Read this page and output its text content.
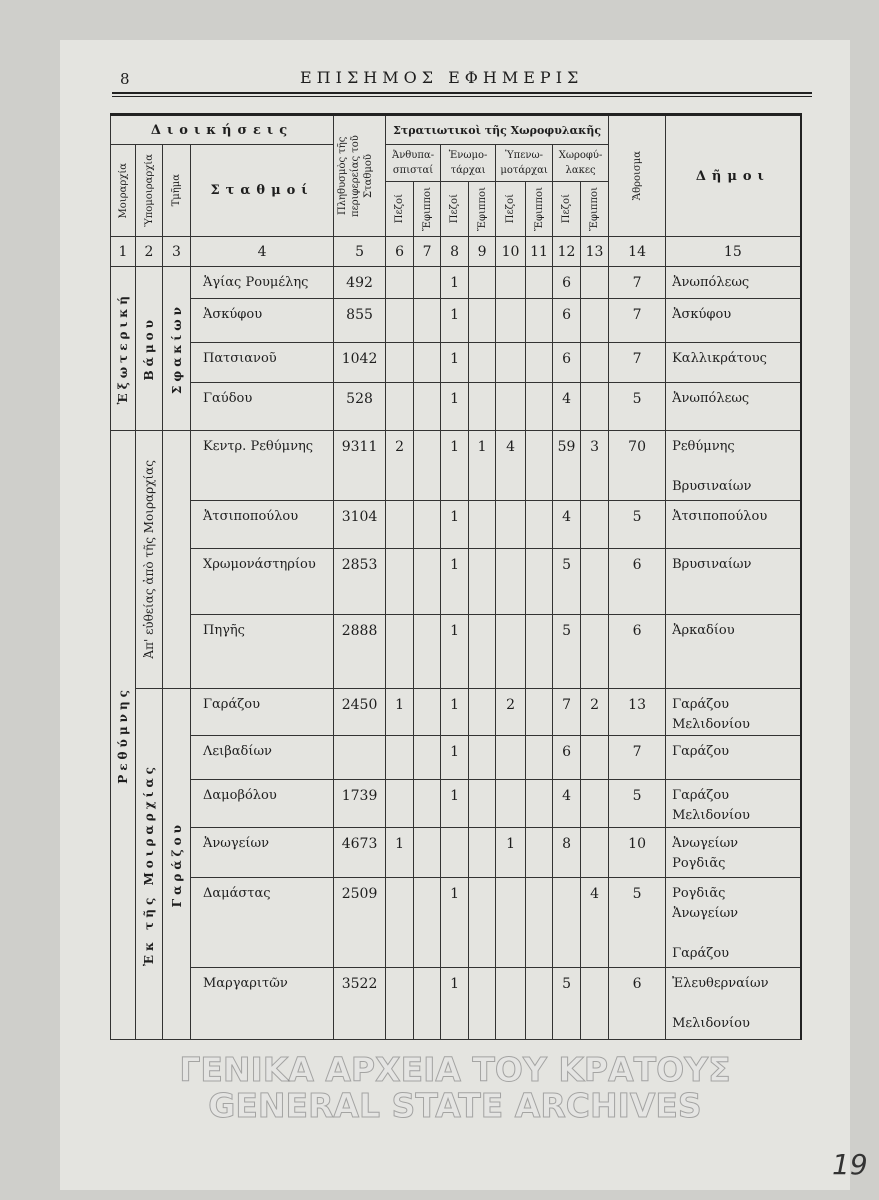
8	ΕΠΙΣΗΜΟΣ ΕΦΗΜΕΡΙΣ
Διοικήσεις				Πληθυσμὸς τῆς περιφερείας τοῦ Σταθμοῦ	Στρατιωτικοὶ τῆς Χωροφυλακῆς								Ἄθροισμα	Δῆμοι

Μοιραρχία	Ὑπομοιραρχία	Τμῆμα	Σταθμοί		Ἀνθυπα-σπισταί		Ἐνωμο-τάρχαι		Ὑπενω-μοτάρχαι		Χωροφύ-λακες			

					Πεζοί	Ἔφιπποι	Πεζοί	Ἔφιπποι	Πεζοί	Ἔφιπποι	Πεζοί	Ἔφιπποι		

1	2	3	4	5	6	7	8	9	10	11	12	13	14	15

Ἐξωτερική	Βάμου	Σφακίων	Ἁγίας Ρουμέλης	492			1				6		7	Ἀνωπόλεως

			Ἀσκύφου	855			1				6		7	Ἀσκύφου

			Πατσιανοῦ	1042			1				6		7	Καλλικράτους

			Γαύδου	528			1				4		5	Ἀνωπόλεως

Ρεθύμνης	Ἀπ' εὐθείας ἀπὸ τῆς Μοιραρχίας		Κεντρ. Ρεθύμνης	9311	2		1	1	4		59	3	70	Ρεθύμνης
Βρυσιναίων

			Ἀτσιποπούλου	3104			1				4		5	Ἀτσιποπούλου

			Χρωμονάστηρίου	2853			1				5		6	Βρυσιναίων

			Πηγῆς	2888			1				5		6	Ἀρκαδίου

	Ἐκ τῆς Μοιραρχίας	Γαράζου	Γαράζου	2450	1		1		2		7	2	13	Γαράζου
Μελιδονίου

			Λειβαδίων				1				6		7	Γαράζου

			Δαμοβόλου	1739			1				4		5	Γαράζου
Μελιδονίου

			Ἀνωγείων	4673	1				1		8		10	Ἀνωγείων
Ρογδιᾶς

			Δαμάστας	2509			1					4	5	Ρογδιᾶς
Ἀνωγείων
Γαράζου

			Μαργαριτῶν	3522			1				5		6	Ἐλευθερναίων
Μελιδονίου
ΓΕΝΙΚΑ ΑΡΧΕΙΑ ΤΟΥ ΚΡΑΤΟΥΣ
GENERAL STATE ARCHIVES
19
